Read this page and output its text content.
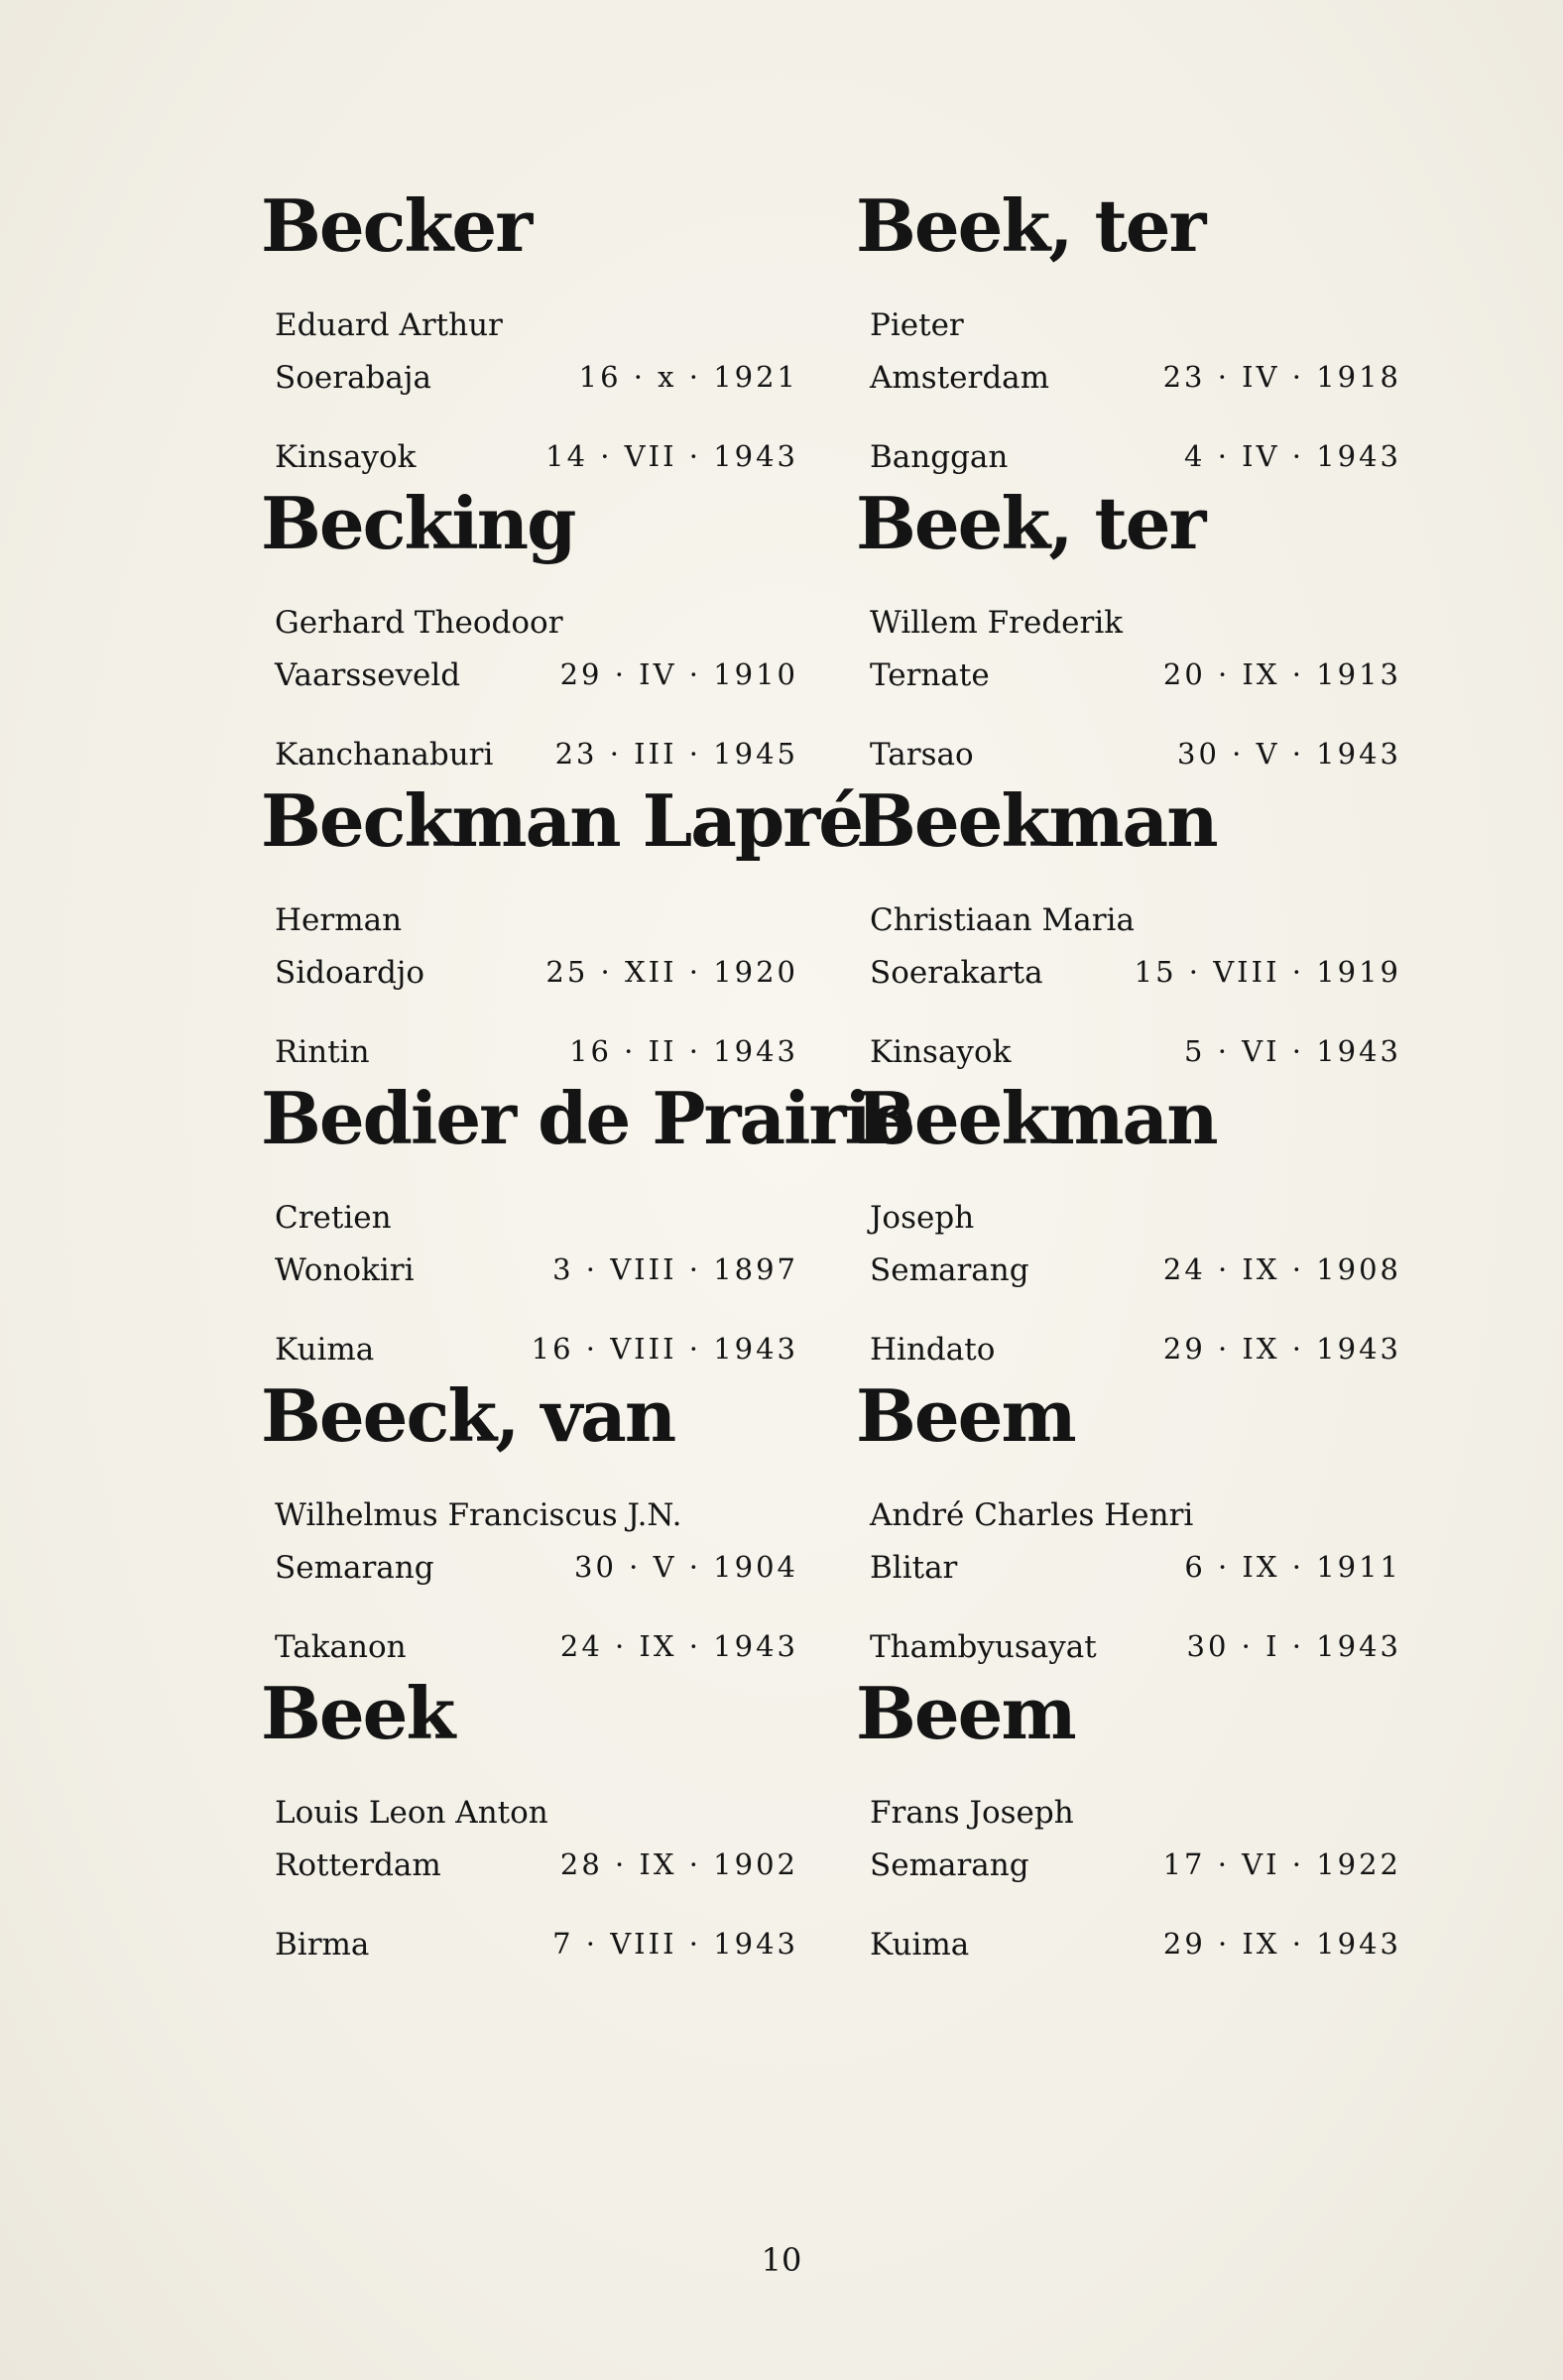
Becker
Eduard Arthur
Soerabaja	16 · x · 1921
Kinsayok	14 · VII · 1943
Becking
Gerhard Theodoor
Vaarsseveld	29 · IV · 1910
Kanchanaburi 23 · III · 1945
Beckman Lapré
Herman
Sidoardjo	25 · XII · 1920
Rintin	16 · II · 1943
Bedier de Prairie
Cretien
Wonokiri	3 · VIII · 1897
Kuima	16 · VIII · 1943
Beeck, van
Wilhelmus Franciscus J.N.
Semarang	30 · V · 1904
Takanon	24 · IX · 1943
Beek
Louis Leon Anton
Rotterdam	28 · IX · 1902
Birma	7 · VIII · 1943
Beek, ter
Pieter
Amsterdam	23 · IV · 1918
Banggan	4 · IV · 1943
Beek, ter
Willem Frederik
Ternate	20 · IX · 1913
Tarsao	30 · V · 1943
Beekman
Christiaan Maria
Soerakarta	15 · VIII · 1919
Kinsayok	5 · VI · 1943
Beekman
Joseph
Semarang	24 · IX · 1908
Hindato	29 · IX · 1943
Beem
André Charles Henri
Blitar	6 · IX · 1911
Thambyusayat	30 · I · 1943
Beem
Frans Joseph
Semarang	17 · VI · 1922
Kuima	29 · IX · 1943
10
